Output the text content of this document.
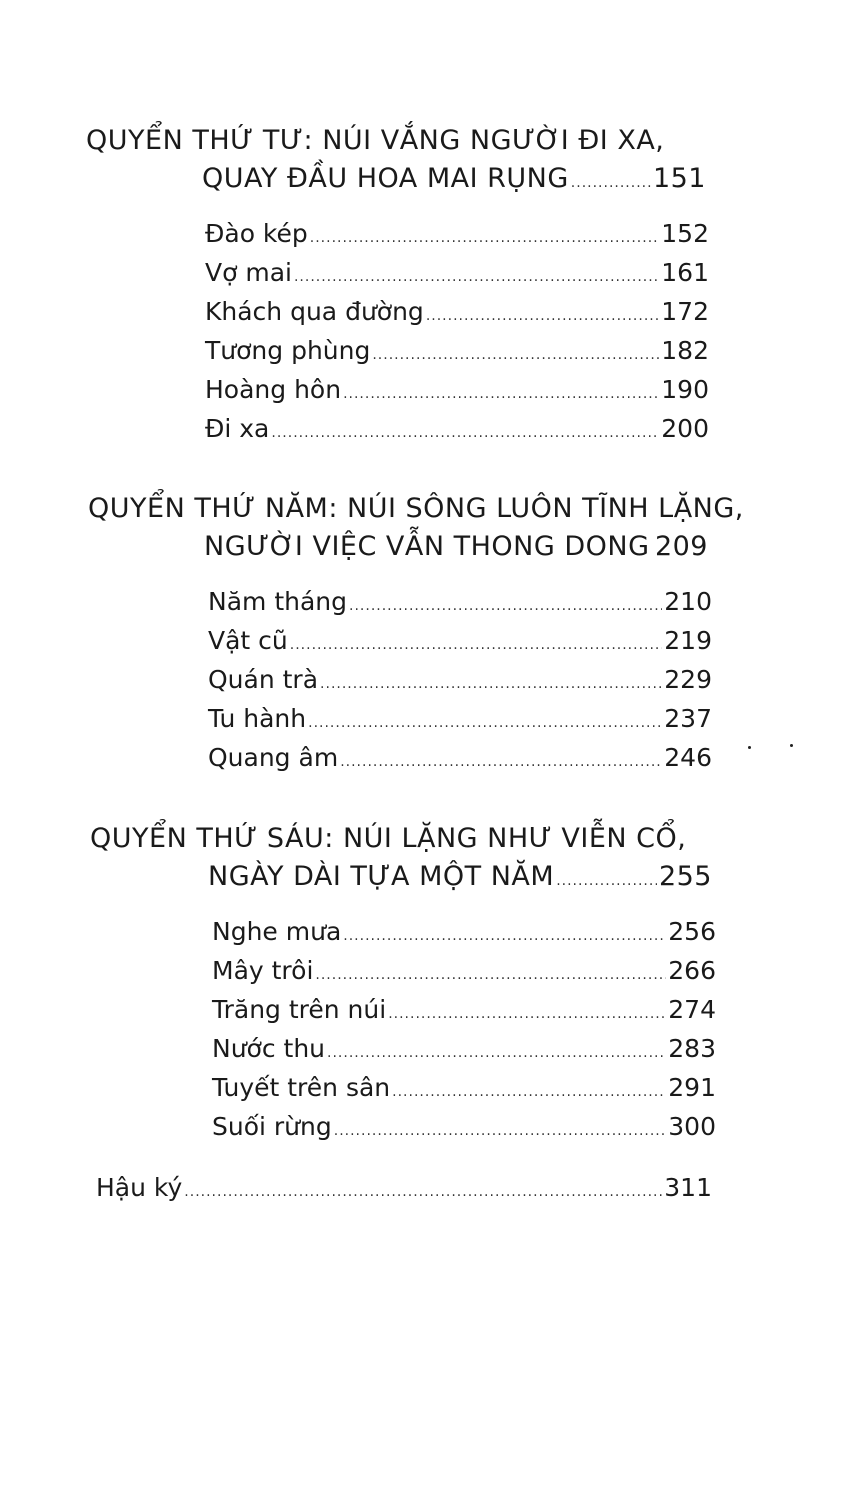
QUYỂN THỨ TƯ: NÚI VẮNG NGƯỜI ĐI XA,
QUAY ĐẦU HOA MAI RỤNG .....	151
Đào kép .....	152
Vợ mai .....	161
Khách qua đường .....	172
Tương phùng .....	182
Hoàng hôn .....	190
Đi xa .....	200
QUYỂN THỨ NĂM: NÚI SÔNG LUÔN TĨNH LẶNG,
NGƯỜI VIỆC VẪN THONG DONG ..... 209
Năm tháng .....	210
Vật cũ .....	219
Quán trà .....	229
Tu hành .....	237
Quang âm .....	246
QUYỂN THỨ SÁU: NÚI LẶNG NHƯ VIỄN CỔ,
NGÀY DÀI TỰA MỘT NĂM .....	255
Nghe mưa .....	256
Mây trôi .....	266
Trăng trên núi .....	274
Nước thu .....	283
Tuyết trên sân .....	291
Suối rừng .....	300
Hậu ký .....	311
